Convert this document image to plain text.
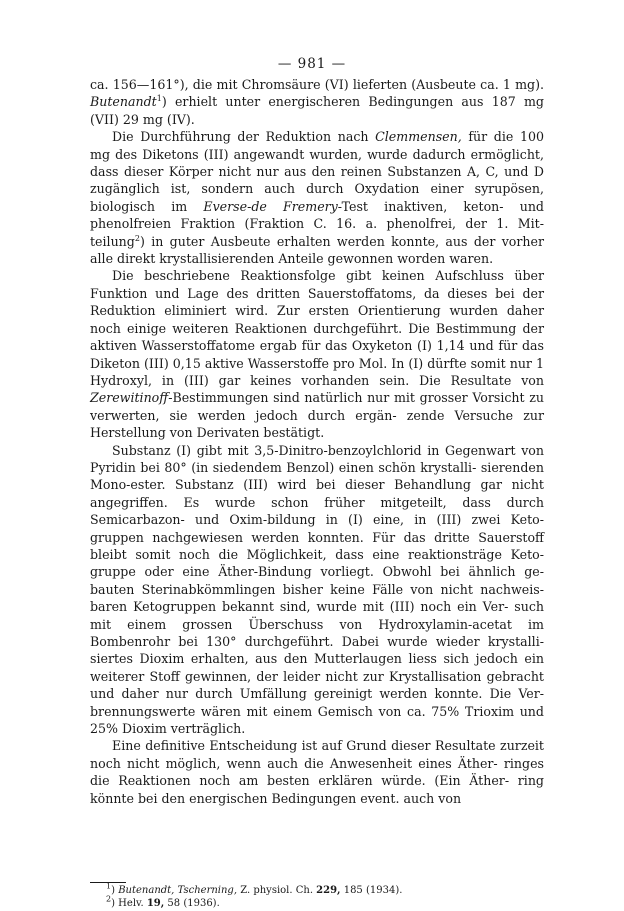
— 981 —

ca. 156—161°), die mit Chromsäure (VI) lieferten (Ausbeute ca. 1 mg). Butenandt$^1$) erhielt unter energischeren Bedingungen aus 187 mg (VII) 29 mg (IV).

Die Durchführung der Reduktion nach Clemmensen, für die 100 mg des Diketons (III) angewandt wurden, wurde dadurch ermöglicht, dass dieser Körper nicht nur aus den reinen Substanzen A, C, und D zugänglich ist, sondern auch durch Oxydation einer syrupösen, biologisch im Everse-de Fremery-Test inaktiven, keton- und phenolfreien Fraktion (Fraktion C. 16. a. phenolfrei, der 1. Mit- teilung$^2$) in guter Ausbeute erhalten werden konnte, aus der vorher alle direkt krystallisierenden Anteile gewonnen worden waren.

Die beschriebene Reaktionsfolge gibt keinen Aufschluss über Funktion und Lage des dritten Sauerstoffatoms, da dieses bei der Reduktion eliminiert wird. Zur ersten Orientierung wurden daher noch einige weiteren Reaktionen durchgeführt. Die Bestimmung der aktiven Wasserstoffatome ergab für das Oxyketon (I) 1,14 und für das Diketon (III) 0,15 aktive Wasserstoffe pro Mol. In (I) dürfte somit nur 1 Hydroxyl, in (III) gar keines vorhanden sein. Die Resultate von Zerewitinoff-Bestimmungen sind natürlich nur mit grosser Vorsicht zu verwerten, sie werden jedoch durch ergän- zende Versuche zur Herstellung von Derivaten bestätigt.

Substanz (I) gibt mit 3,5-Dinitro-benzoylchlorid in Gegenwart von Pyridin bei 80° (in siedendem Benzol) einen schön krystalli- sierenden Mono-ester. Substanz (III) wird bei dieser Behandlung gar nicht angegriffen. Es wurde schon früher mitgeteilt, dass durch Semicarbazon- und Oxim-bildung in (I) eine, in (III) zwei Keto- gruppen nachgewiesen werden konnten. Für das dritte Sauerstoff bleibt somit noch die Möglichkeit, dass eine reaktionsträge Keto- gruppe oder eine Äther-Bindung vorliegt. Obwohl bei ähnlich ge- bauten Sterinabkömmlingen bisher keine Fälle von nicht nachweis- baren Ketogruppen bekannt sind, wurde mit (III) noch ein Ver- such mit einem grossen Überschuss von Hydroxylamin-acetat im Bombenrohr bei 130° durchgeführt. Dabei wurde wieder krystalli- siertes Dioxim erhalten, aus den Mutterlaugen liess sich jedoch ein weiterer Stoff gewinnen, der leider nicht zur Krystallisation gebracht und daher nur durch Umfällung gereinigt werden konnte. Die Ver- brennungswerte wären mit einem Gemisch von ca. 75% Trioxim und 25% Dioxim verträglich.

Eine definitive Entscheidung ist auf Grund dieser Resultate zurzeit noch nicht möglich, wenn auch die Anwesenheit eines Äther- ringes die Reaktionen noch am besten erklären würde. (Ein Äther- ring könnte bei den energischen Bedingungen event. auch von

$^1$) Butenandt, Tscherning, Z. physiol. Ch. 229, 185 (1934).
$^2$) Helv. 19, 58 (1936).
